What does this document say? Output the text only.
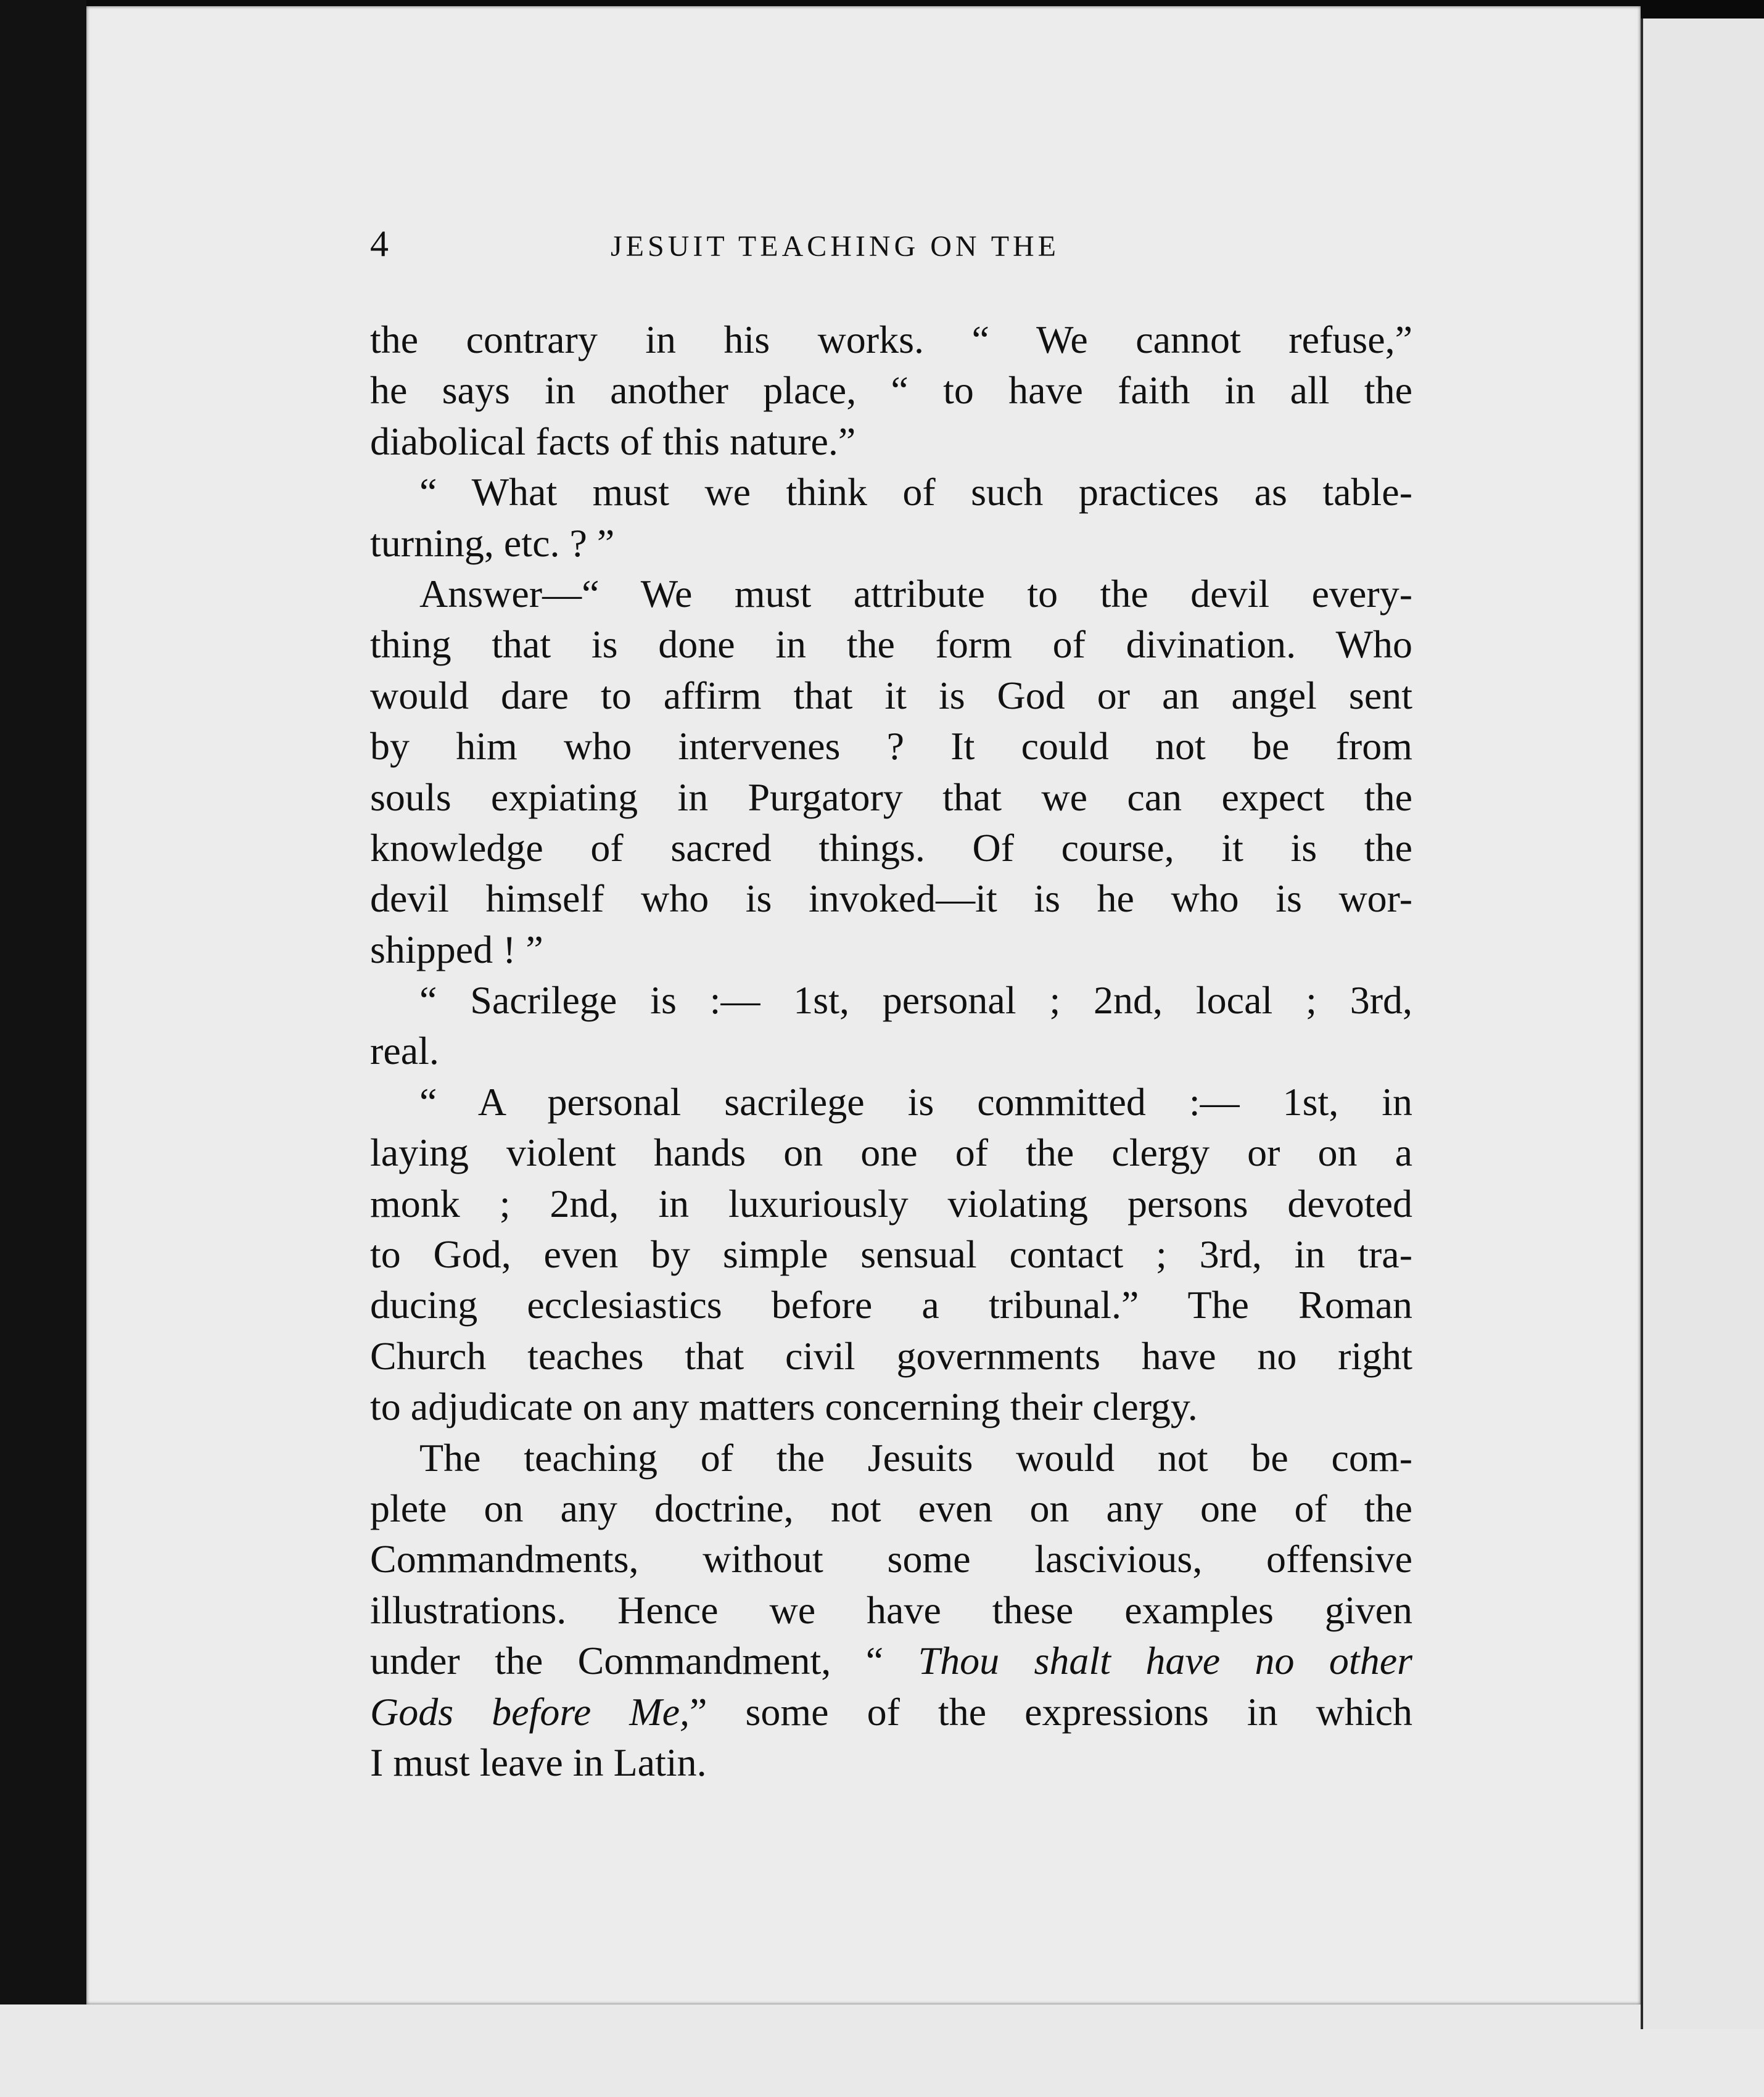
4	JESUIT TEACHING ON THE
the contrary in his works. “ We cannot refuse,”
he says in another place, “ to have faith in all the
diabolical facts of this nature.”
“ What must we think of such practices as table-
turning, etc. ? ”
Answer—“ We must attribute to the devil every-
thing that is done in the form of divination. Who
would dare to affirm that it is God or an angel sent
by him who intervenes ? It could not be from
souls expiating in Purgatory that we can expect the
knowledge of sacred things. Of course, it is the
devil himself who is invoked—it is he who is wor-
shipped ! ”
“ Sacrilege is :— 1st, personal ; 2nd, local ; 3rd,
real.
“ A personal sacrilege is committed :— 1st, in
laying violent hands on one of the clergy or on a
monk ; 2nd, in luxuriously violating persons devoted
to God, even by simple sensual contact ; 3rd, in tra-
ducing ecclesiastics before a tribunal.” The Roman
Church teaches that civil governments have no right
to adjudicate on any matters concerning their clergy.
The teaching of the Jesuits would not be com-
plete on any doctrine, not even on any one of the
Commandments, without some lascivious, offensive
illustrations. Hence we have these examples given
under the Commandment, “ Thou shalt have no other
Gods before Me,” some of the expressions in which
I must leave in Latin.
